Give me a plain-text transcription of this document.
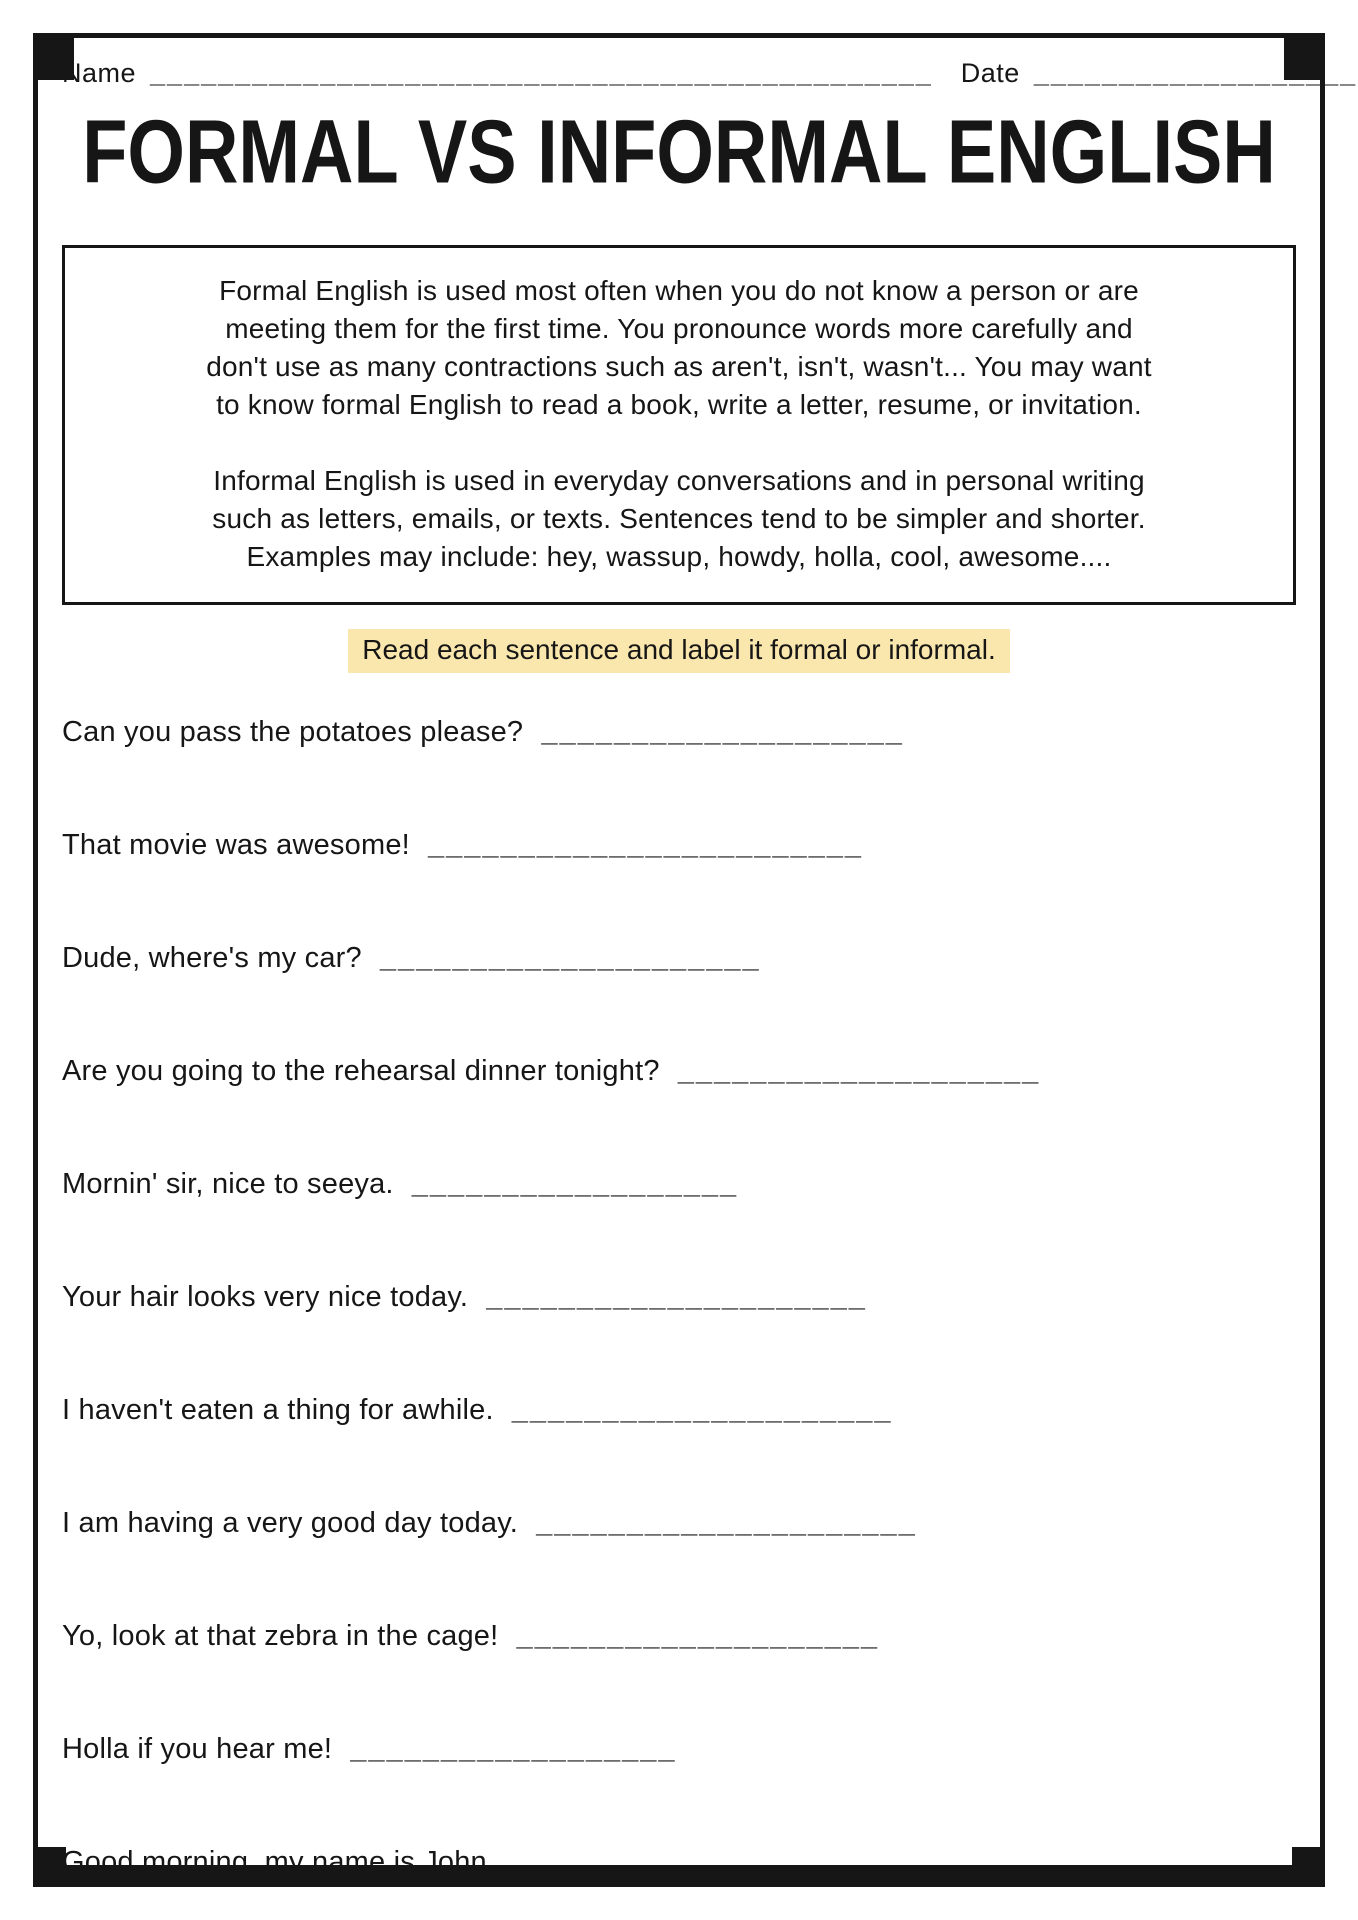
Name ______________________________________________ Date ___________________
FORMAL VS INFORMAL ENGLISH

Formal English is used most often when you do not know a person or are meeting them for the first time. You pronounce words more carefully and don't use as many contractions such as aren't, isn't, wasn't... You may want to know formal English to read a book, write a letter, resume, or invitation.

Informal English is used in everyday conversations and in personal writing such as letters, emails, or texts. Sentences tend to be simpler and shorter. Examples may include: hey, wassup, howdy, holla, cool, awesome....

Read each sentence and label it formal or informal.
Can you pass the potatoes please? ____________________
That movie was awesome! ________________________
Dude, where's my car? _____________________
Are you going to the rehearsal dinner tonight? ____________________
Mornin' sir, nice to seeya. __________________
Your hair looks very nice today. _____________________
I haven't eaten a thing for awhile. _____________________
I am having a very good day today. _____________________
Yo, look at that zebra in the cage! ____________________
Holla if you hear me! __________________
Good morning, my name is John. ______________________________
